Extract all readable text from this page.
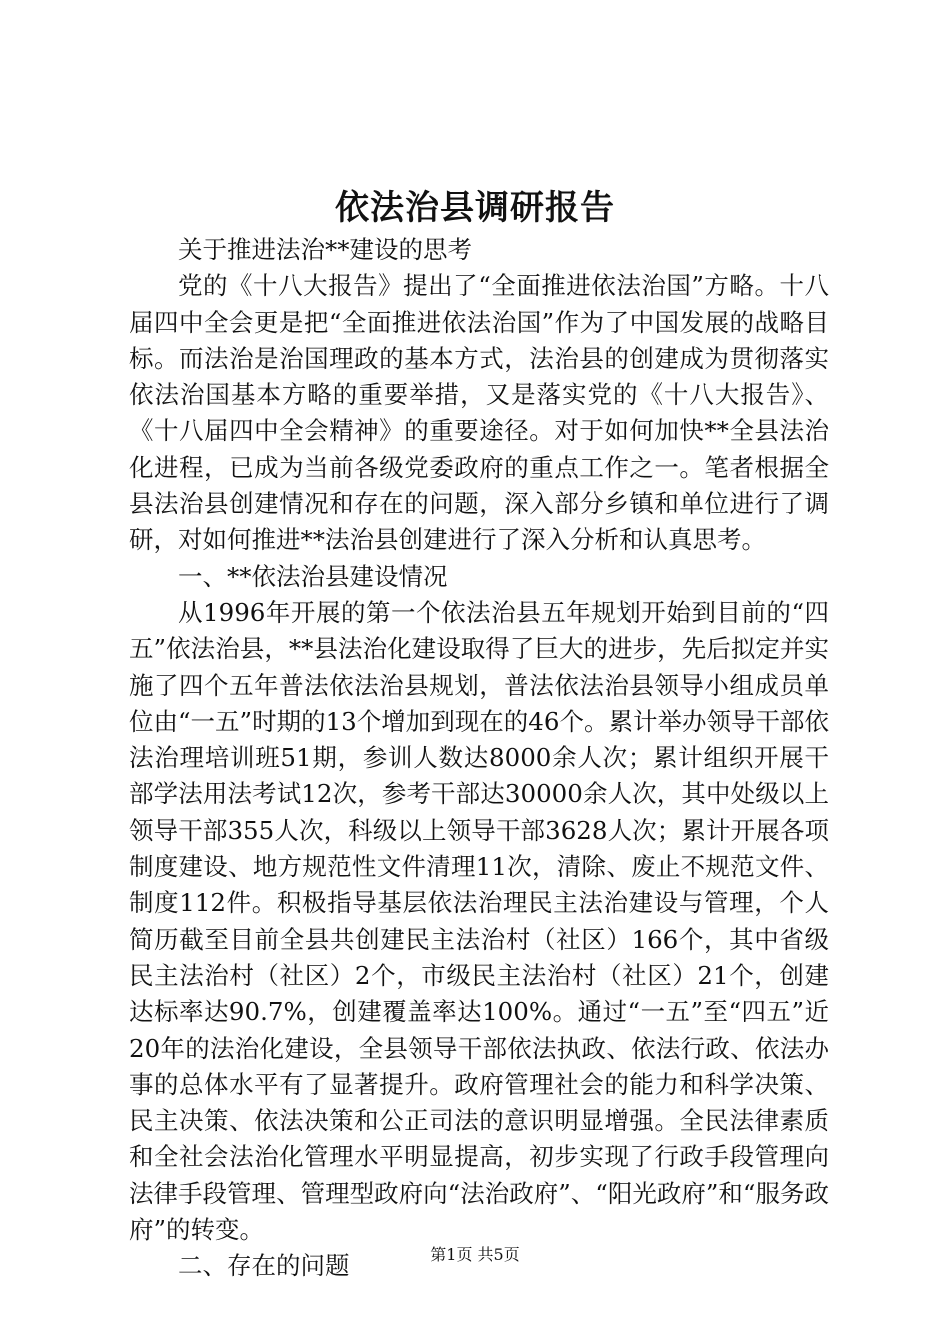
依法治县调研报告

关于推进法治**建设的思考

党的《十八大报告》提出了“全面推进依法治国”方略。十八届四中全会更是把“全面推进依法治国”作为了中国发展的战略目标。而法治是治国理政的基本方式，法治县的创建成为贯彻落实依法治国基本方略的重要举措，又是落实党的《十八大报告》、《十八届四中全会精神》的重要途径。对于如何加快**全县法治化进程，已成为当前各级党委政府的重点工作之一。笔者根据全县法治县创建情况和存在的问题，深入部分乡镇和单位进行了调研，对如何推进**法治县创建进行了深入分析和认真思考。

一、**依法治县建设情况

从1996年开展的第一个依法治县五年规划开始到目前的“四五”依法治县，**县法治化建设取得了巨大的进步，先后拟定并实施了四个五年普法依法治县规划，普法依法治县领导小组成员单位由“一五”时期的13个增加到现在的46个。累计举办领导干部依法治理培训班51期，参训人数达8000余人次；累计组织开展干部学法用法考试12次，参考干部达30000余人次，其中处级以上领导干部355人次，科级以上领导干部3628人次；累计开展各项制度建设、地方规范性文件清理11次，清除、废止不规范文件、制度112件。积极指导基层依法治理民主法治建设与管理，个人简历截至目前全县共创建民主法治村（社区）166个，其中省级民主法治村（社区）2个，市级民主法治村（社区）21个，创建达标率达90.7%，创建覆盖率达100%。通过“一五”至“四五”近20年的法治化建设，全县领导干部依法执政、依法行政、依法办事的总体水平有了显著提升。政府管理社会的能力和科学决策、民主决策、依法决策和公正司法的意识明显增强。全民法律素质和全社会法治化管理水平明显提高，初步实现了行政手段管理向法律手段管理、管理型政府向“法治政府”、“阳光政府”和“服务政府”的转变。

二、存在的问题	第1页 共5页
